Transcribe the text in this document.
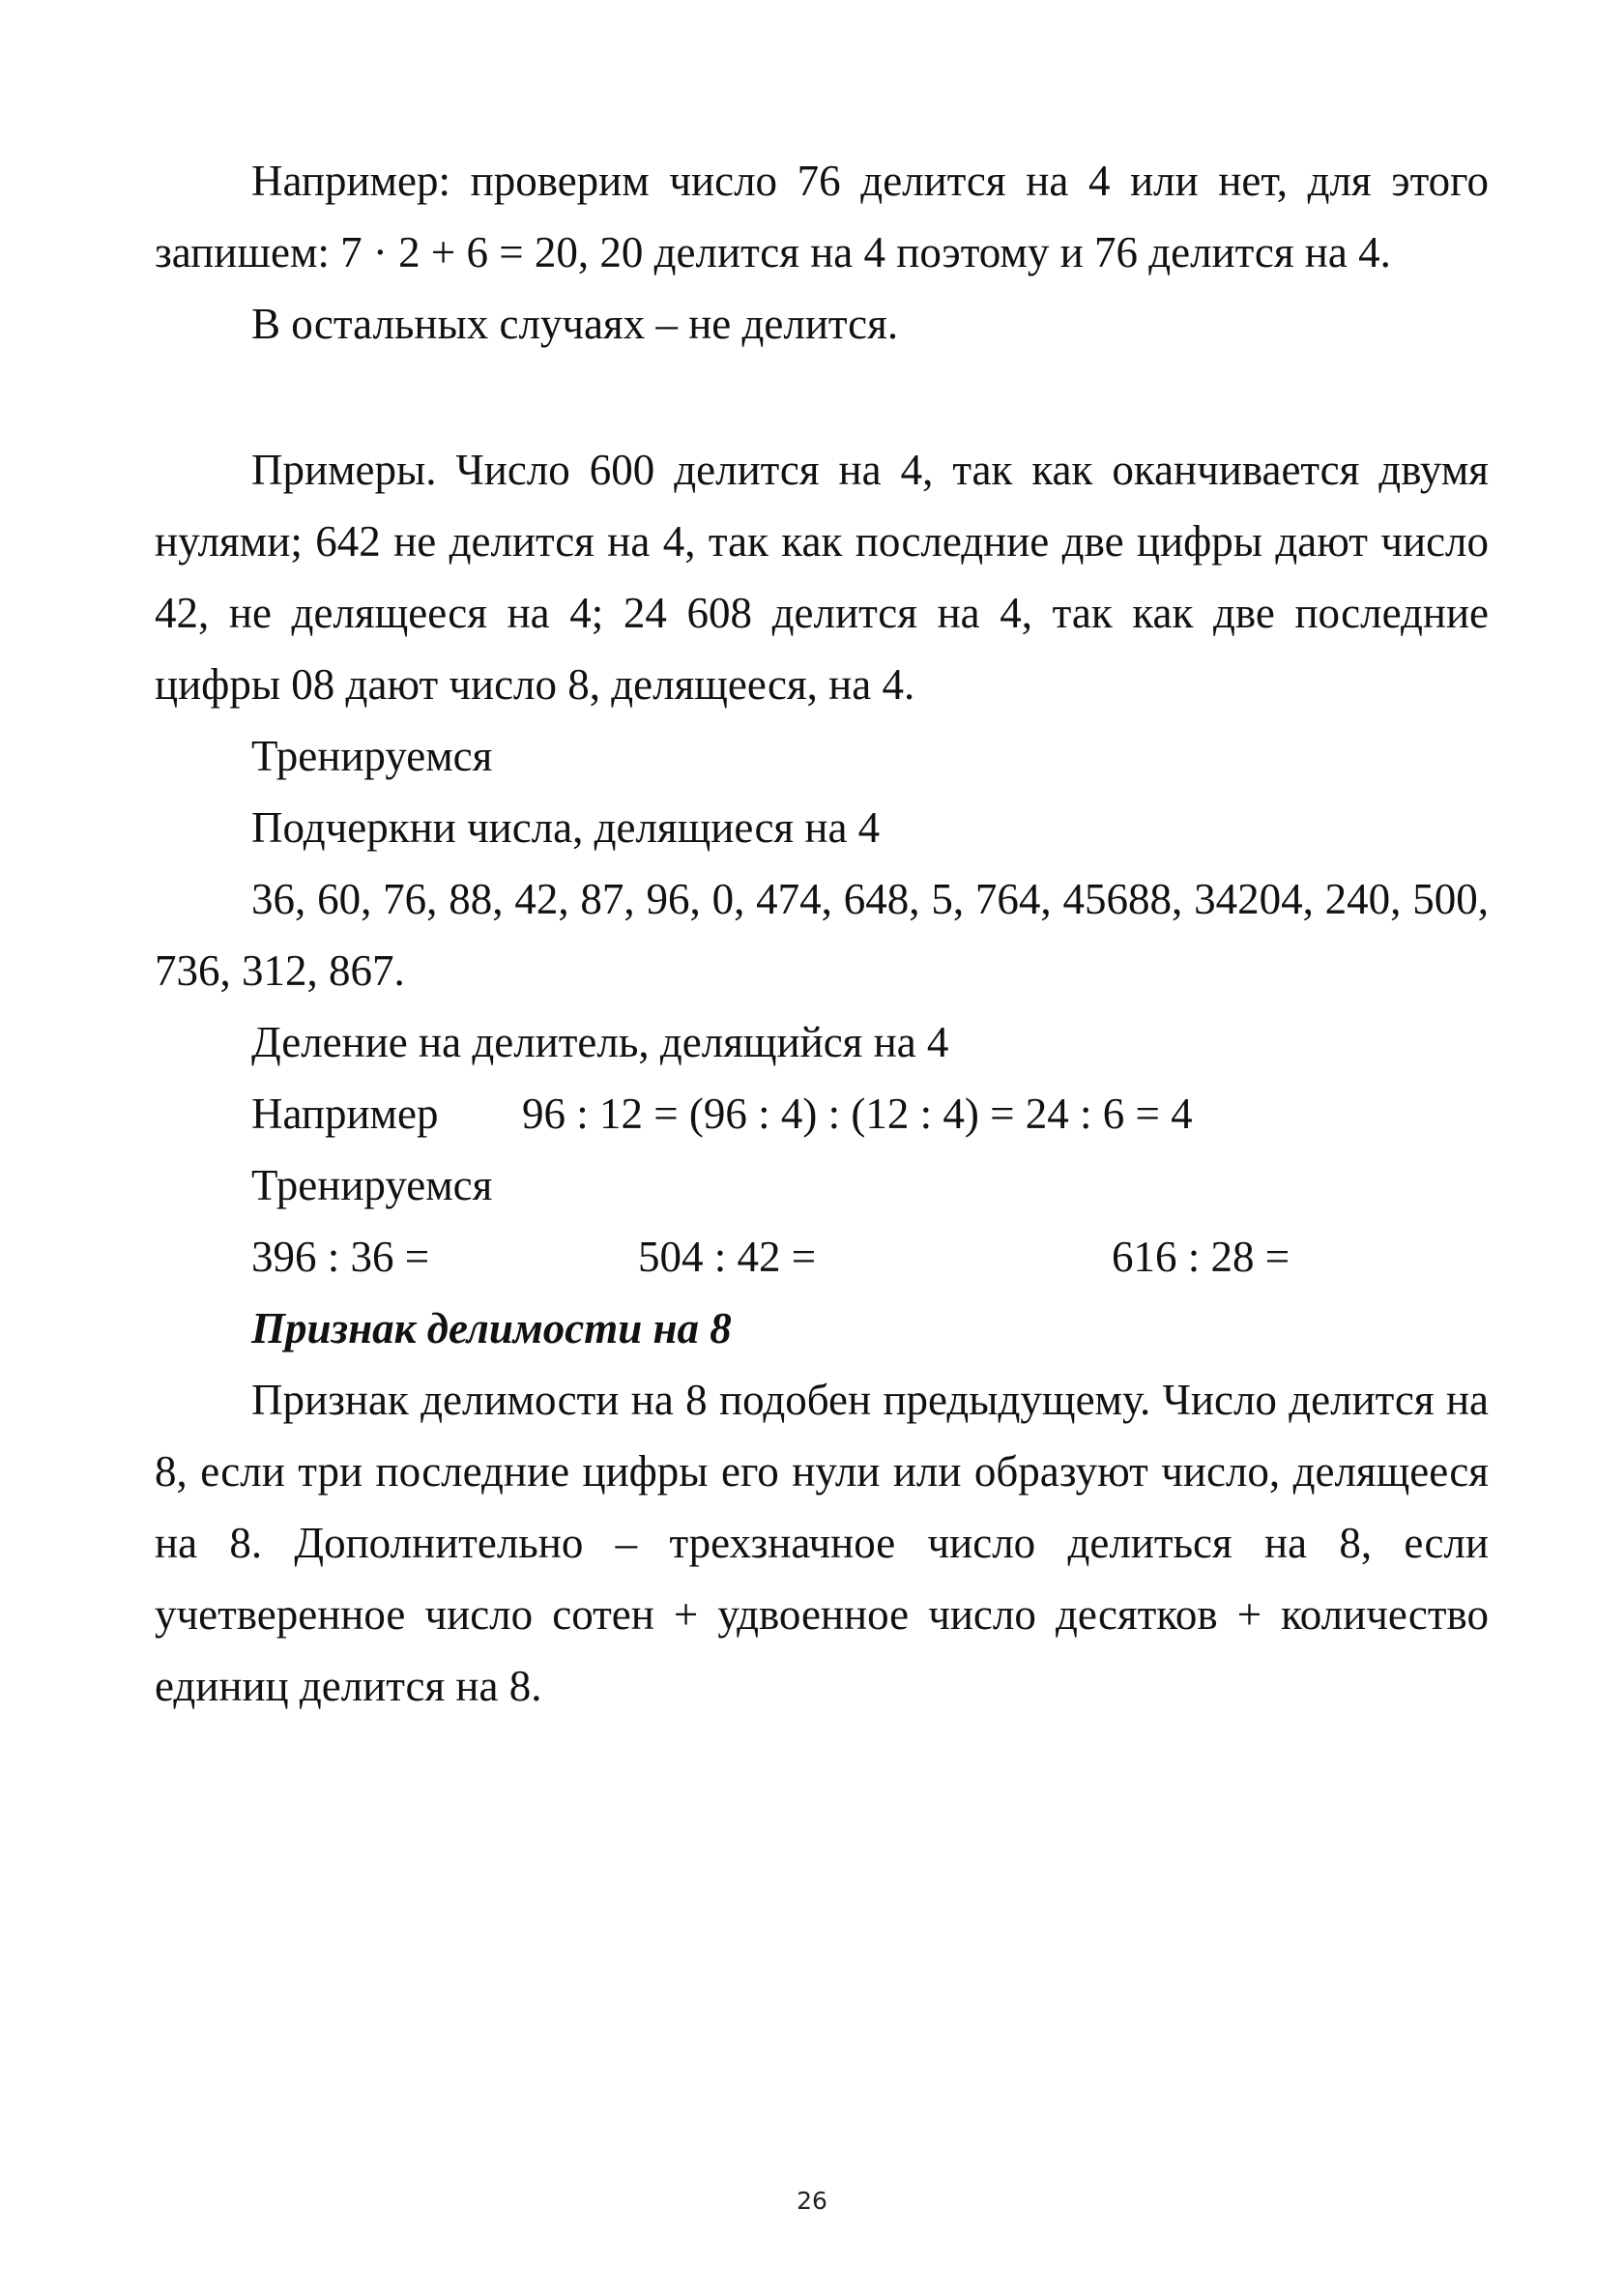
Например: проверим число 76 делится на 4 или нет, для этого запишем: 7 · 2 + 6 = 20, 20 делится на 4 поэтому и 76 делится на 4.

В остальных случаях – не делится.

Примеры. Число 600 делится на 4, так как оканчивается двумя нулями; 642 не делится на 4, так как последние две цифры дают число 42, не делящееся на 4; 24 608 делится на 4, так как две последние цифры 08 дают число 8, делящееся, на 4.

Тренируемся

Подчеркни числа, делящиеся на 4

36, 60, 76, 88, 42, 87, 96, 0, 474, 648, 5, 764, 45688, 34204, 240, 500, 736, 312, 867.

Деление на делитель, делящийся на 4

Например	96 : 12 = (96 : 4) : (12 : 4) = 24 : 6 = 4

Тренируемся

396 : 36 =	504 : 42 =	616 : 28 =

Признак делимости на 8

Признак делимости на 8 подобен предыдущему. Число делится на 8, если три последние цифры его нули или образуют число, делящееся на 8. Дополнительно – трехзначное число делиться на 8, если учетверенное число сотен + удвоенное число десятков + количество единиц делится на 8.

26
